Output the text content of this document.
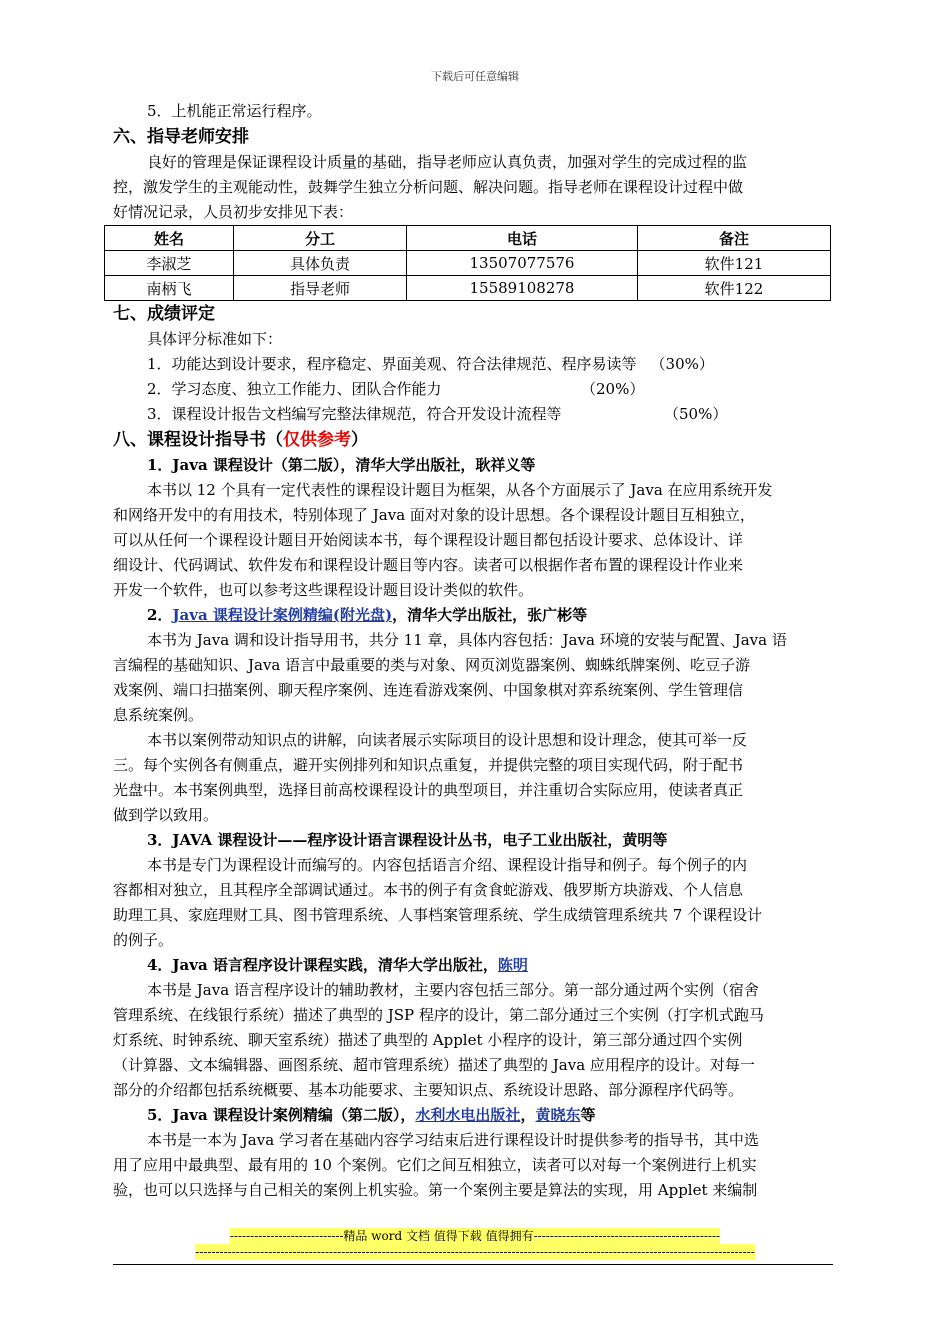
下载后可任意编辑
5．上机能正常运行程序。
六、指导老师安排
良好的管理是保证课程设计质量的基础，指导老师应认真负责，加强对学生的完成过程的监
控，激发学生的主观能动性，鼓舞学生独立分析问题、解决问题。指导老师在课程设计过程中做
好情况记录，人员初步安排见下表：
姓名	分工	电话	备注
李淑芝	具体负责	13507077576	软件121
南柄飞	指导老师	15589108278	软件122
七、成绩评定
具体评分标准如下：
1．功能达到设计要求，程序稳定、界面美观、符合法律规范、程序易读等 （30%）
2．学习态度、独立工作能力、团队合作能力	（20%）
3．课程设计报告文档编写完整法律规范，符合开发设计流程等	（50%）
八、课程设计指导书（仅供参考）
1．Java 课程设计（第二版），清华大学出版社，耿祥义等
本书以 12 个具有一定代表性的课程设计题目为框架，从各个方面展示了 Java 在应用系统开发
和网络开发中的有用技术，特别体现了 Java 面对对象的设计思想。各个课程设计题目互相独立，
可以从任何一个课程设计题目开始阅读本书，每个课程设计题目都包括设计要求、总体设计、详
细设计、代码调试、软件发布和课程设计题目等内容。读者可以根据作者布置的课程设计作业来
开发一个软件，也可以参考这些课程设计题目设计类似的软件。
2．Java 课程设计案例精编(附光盘)，清华大学出版社，张广彬等
本书为 Java 调和设计指导用书，共分 11 章，具体内容包括：Java 环境的安装与配置、Java 语
言编程的基础知识、Java 语言中最重要的类与对象、网页浏览器案例、蜘蛛纸牌案例、吃豆子游
戏案例、端口扫描案例、聊天程序案例、连连看游戏案例、中国象棋对弈系统案例、学生管理信
息系统案例。
本书以案例带动知识点的讲解，向读者展示实际项目的设计思想和设计理念，使其可举一反
三。每个实例各有侧重点，避开实例排列和知识点重复，并提供完整的项目实现代码，附于配书
光盘中。本书案例典型，选择目前高校课程设计的典型项目，并注重切合实际应用，使读者真正
做到学以致用。
3．JAVA 课程设计——程序设计语言课程设计丛书，电子工业出版社，黄明等
本书是专门为课程设计而编写的。内容包括语言介绍、课程设计指导和例子。每个例子的内
容都相对独立，且其程序全部调试通过。本书的例子有贪食蛇游戏、俄罗斯方块游戏、个人信息
助理工具、家庭理财工具、图书管理系统、人事档案管理系统、学生成绩管理系统共 7 个课程设计
的例子。
4．Java 语言程序设计课程实践，清华大学出版社，陈明
本书是 Java 语言程序设计的辅助教材，主要内容包括三部分。第一部分通过两个实例（宿舍
管理系统、在线银行系统）描述了典型的 JSP 程序的设计，第二部分通过三个实例（打字机式跑马
灯系统、时钟系统、聊天室系统）描述了典型的 Applet 小程序的设计，第三部分通过四个实例
（计算器、文本编辑器、画图系统、超市管理系统）描述了典型的 Java 应用程序的设计。对每一
部分的介绍都包括系统概要、基本功能要求、主要知识点、系统设计思路、部分源程序代码等。
5．Java 课程设计案例精编（第二版），水利水电出版社，黄晓东等
本书是一本为 Java 学习者在基础内容学习结束后进行课程设计时提供参考的指导书，其中选
用了应用中最典型、最有用的 10 个案例。它们之间互相独立，读者可以对每一个案例进行上机实
验，也可以只选择与自己相关的案例上机实验。第一个案例主要是算法的实现，用 Applet 来编制
----------------------------精品 word 文档 值得下载 值得拥有----------------------------------------------
------------------------------------------------------------------------------------------------------------------------------------------
